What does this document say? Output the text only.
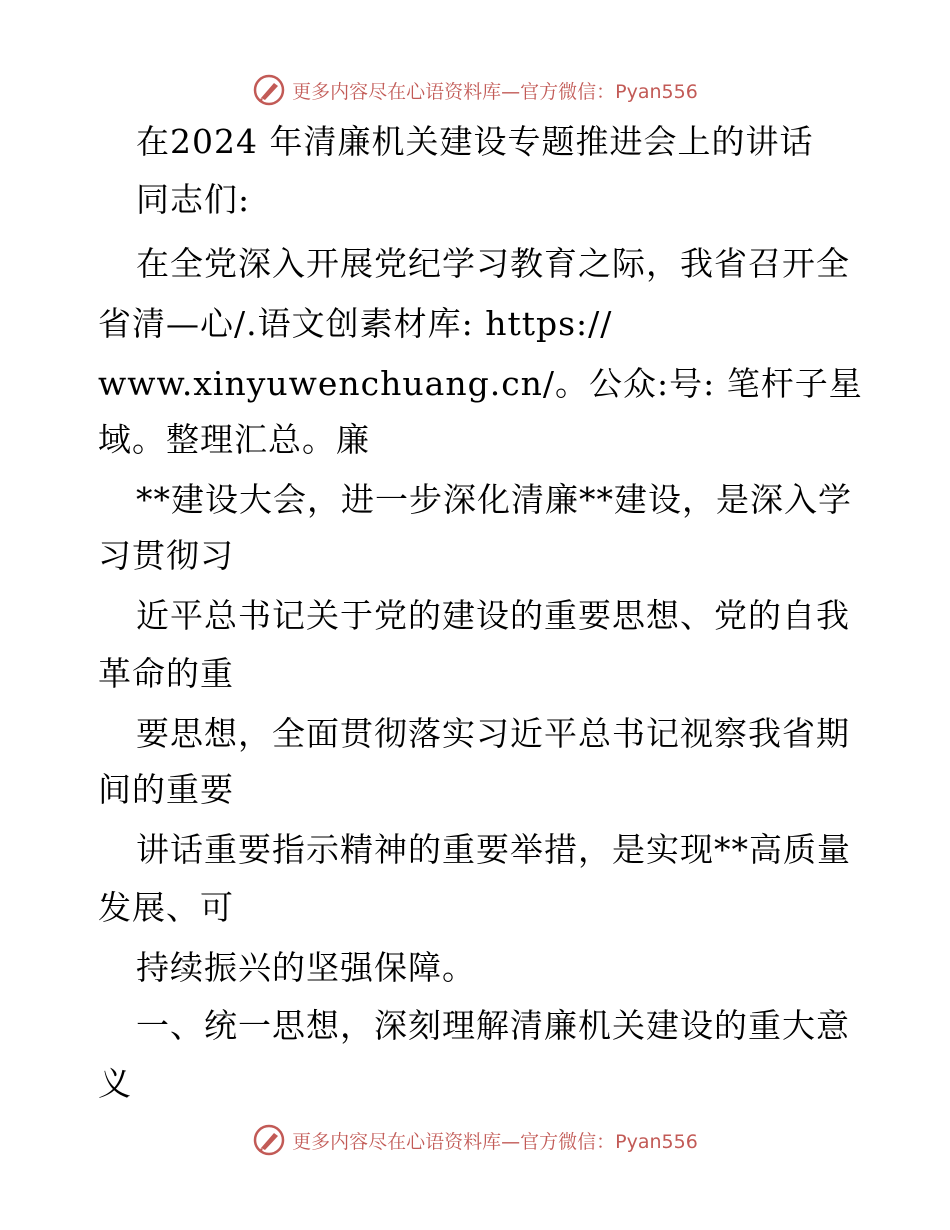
更多内容尽在心语资料库—官方微信：Pyan556
在2024 年清廉机关建设专题推进会上的讲话
同志们:
在全党深入开展党纪学习教育之际，我省召开全
省清—心/.语文创素材库: https://
www.xinyuwenchuang.cn/。公众:号: 笔杆子星
域。整理汇总。廉
**建设大会，进一步深化清廉**建设，是深入学
习贯彻习
近平总书记关于党的建设的重要思想、党的自我
革命的重
要思想，全面贯彻落实习近平总书记视察我省期
间的重要
讲话重要指示精神的重要举措，是实现**高质量
发展、可
持续振兴的坚强保障。
一、统一思想，深刻理解清廉机关建设的重大意
义
更多内容尽在心语资料库—官方微信：Pyan556
